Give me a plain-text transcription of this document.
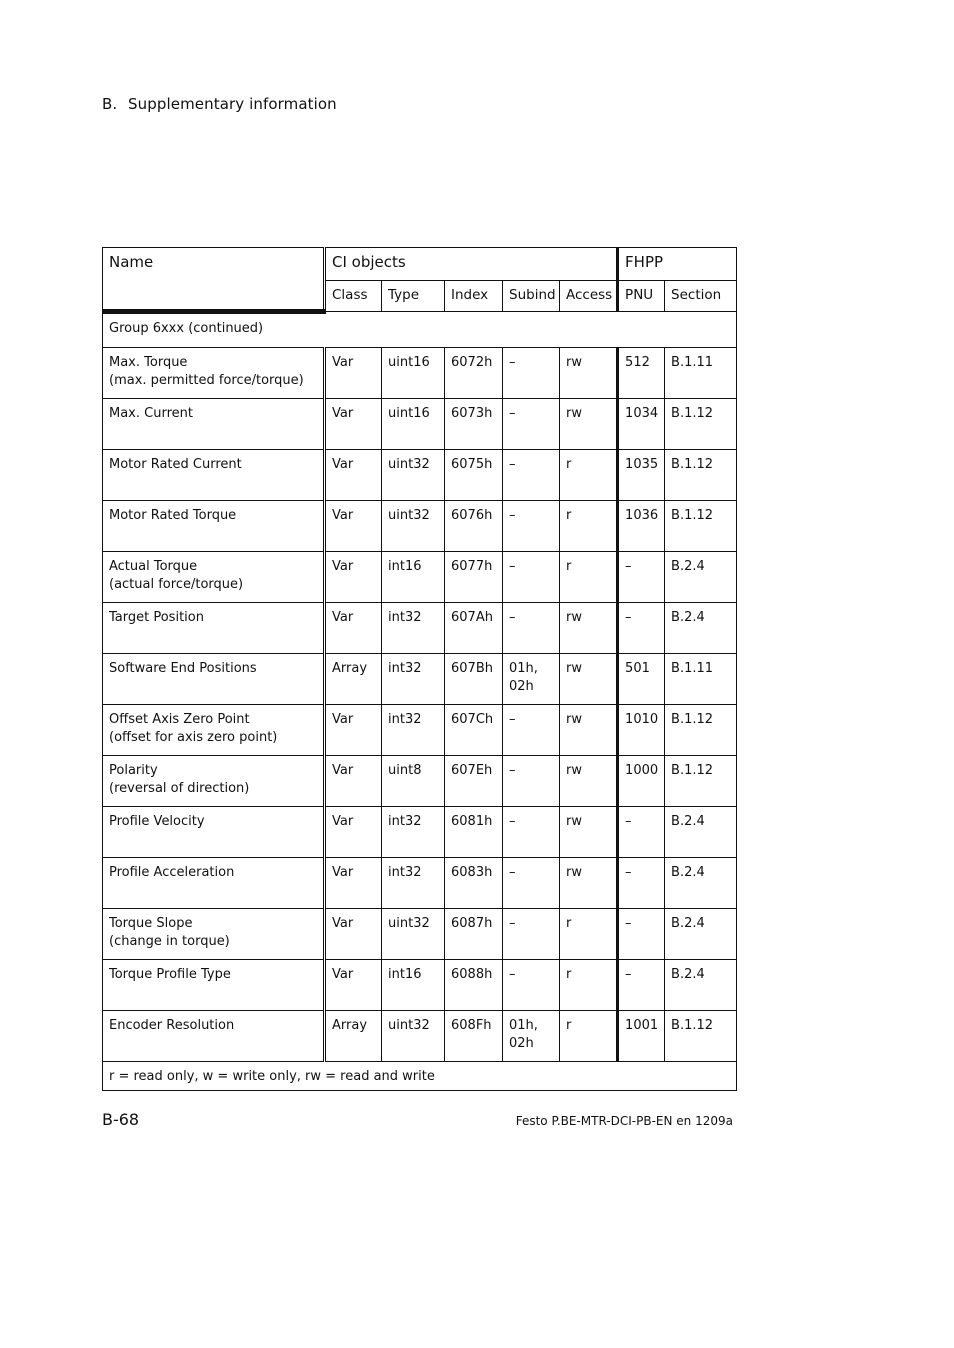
B. Supplementary information
Name	CI objects					FHPP	
	Class	Type	Index	Subind	Access	PNU	Section
Group 6xxx (continued)							

Max. Torque
(max. permitted force/torque)	Var	uint16	6072h	–	rw	512	B.1.11

Max. Current	Var	uint16	6073h	–	rw	1034	B.1.12

Motor Rated Current	Var	uint32	6075h	–	r	1035	B.1.12

Motor Rated Torque	Var	uint32	6076h	–	r	1036	B.1.12

Actual Torque
(actual force/torque)	Var	int16	6077h	–	r	–	B.2.4

Target Position	Var	int32	607Ah	–	rw	–	B.2.4

Software End Positions	Array	int32	607Bh	01h,
02h	rw	501	B.1.11

Offset Axis Zero Point
(offset for axis zero point)	Var	int32	607Ch	–	rw	1010	B.1.12

Polarity
(reversal of direction)	Var	uint8	607Eh	–	rw	1000	B.1.12

Profile Velocity	Var	int32	6081h	–	rw	–	B.2.4

Profile Acceleration	Var	int32	6083h	–	rw	–	B.2.4

Torque Slope
(change in torque)	Var	uint32	6087h	–	r	–	B.2.4

Torque Profile Type	Var	int16	6088h	–	r	–	B.2.4

Encoder Resolution	Array	uint32	608Fh	01h,
02h	r	1001	B.1.12

r = read only, w = write only, rw = read and write							
B-68	Festo P.BE-MTR-DCI-PB-EN en 1209a
